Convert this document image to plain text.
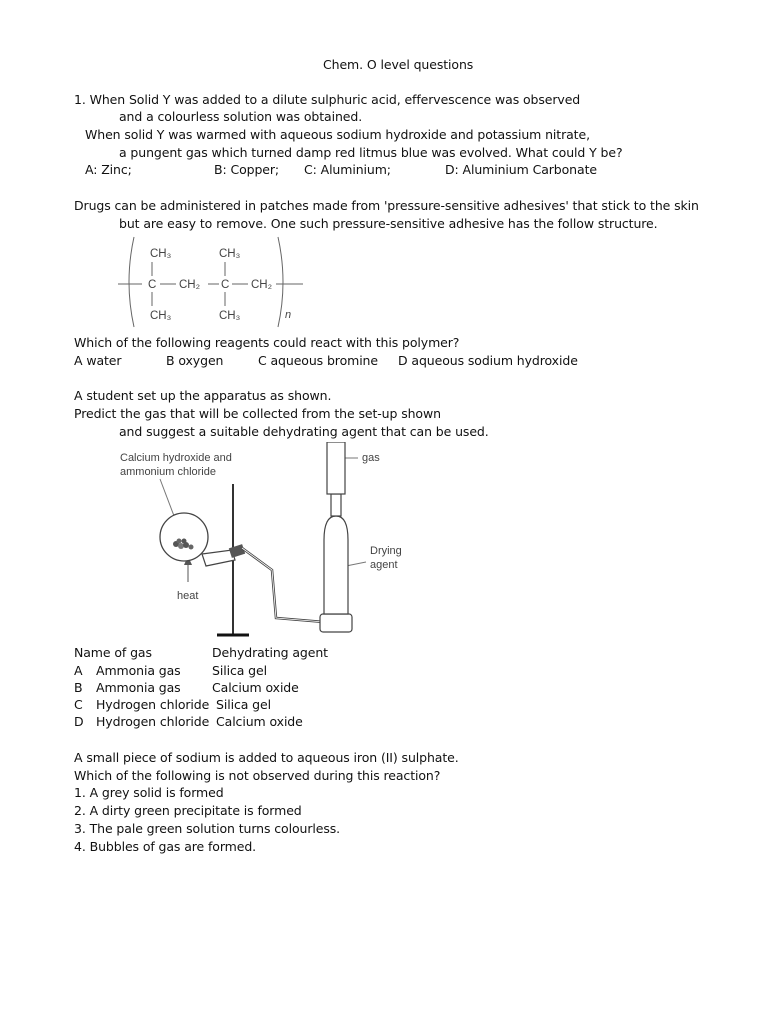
Chem. O level questions
1. When Solid Y was added to a dilute sulphuric acid, effervescence was observed
and a colourless solution was obtained.
When solid Y was warmed with aqueous sodium hydroxide and potassium nitrate,
a pungent gas which turned damp red litmus blue was evolved. What could Y be?
A: Zinc;	B: Copper; C: Aluminium;	D: Aluminium Carbonate
Drugs can be administered in patches made from 'pressure-sensitive adhesives' that stick to the skin
but are easy to remove. One such pressure-sensitive adhesive has the follow structure.
CH₃	CH₃
C CH₂ C CH₂
CH₃	CH₃	n
Which of the following reagents could react with this polymer?
A water	B oxygen	C aqueous bromine D aqueous sodium hydroxide
A student set up the apparatus as shown.
Predict the gas that will be collected from the set-up shown
and suggest a suitable dehydrating agent that can be used.
Calcium hydroxide and
ammonium chloride
gas
Drying
agent
heat
Name of gas	Dehydrating agent
A Ammonia gas	Silica gel
B Ammonia gas	Calcium oxide
C Hydrogen chloride Silica gel
D Hydrogen chloride Calcium oxide
A small piece of sodium is added to aqueous iron (II) sulphate.
Which of the following is not observed during this reaction?
1. A grey solid is formed
2. A dirty green precipitate is formed
3. The pale green solution turns colourless.
4. Bubbles of gas are formed.
